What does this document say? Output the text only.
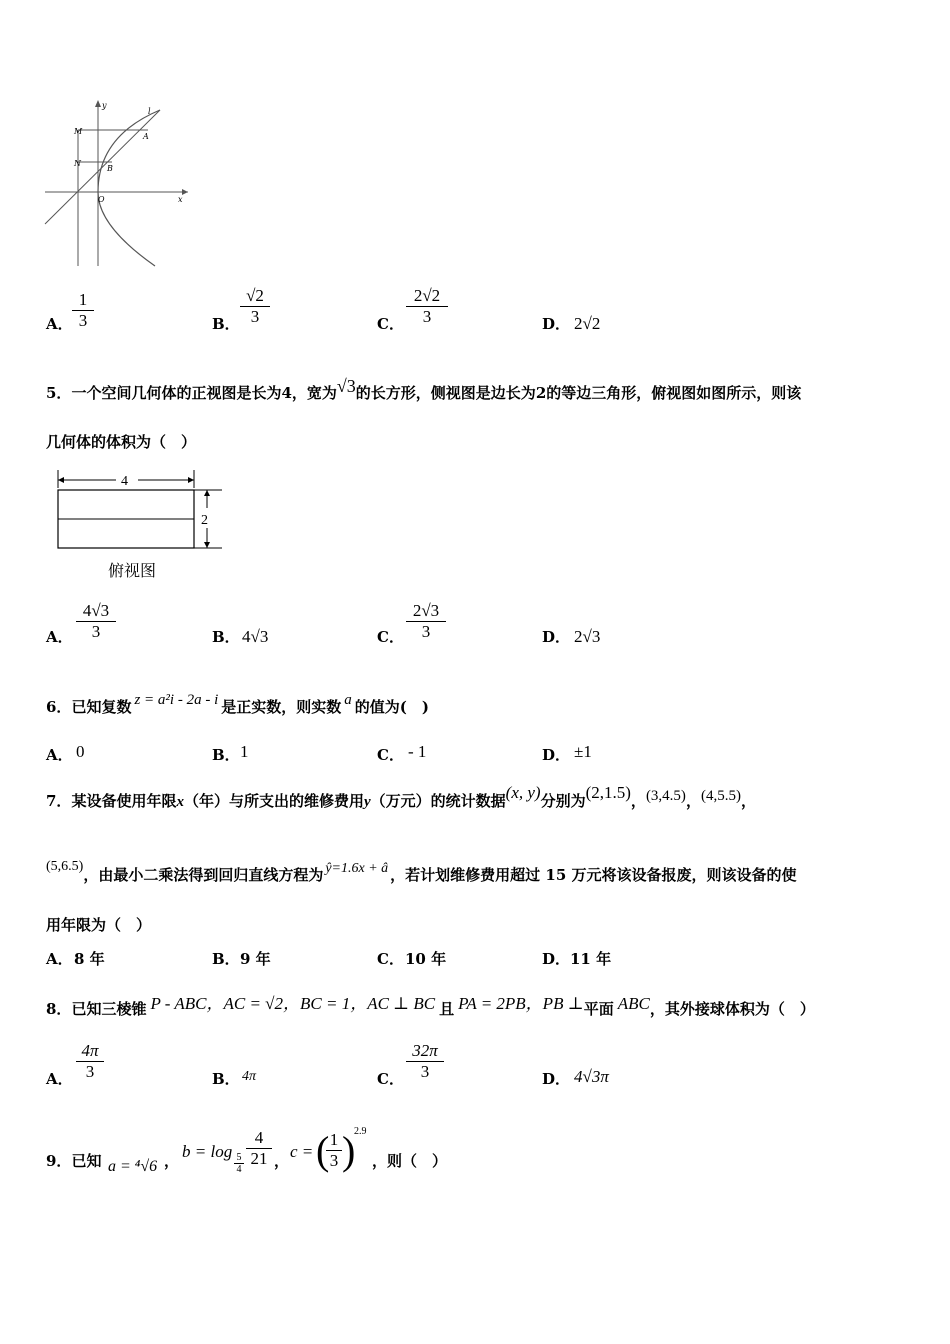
y
x
l
M
N
A
B
O
A．
1
3	B．
√2
3	C．
2√2
3	D． 2√2
5．一个空间几何体的正视图是长为4，宽为√3的长方形，侧视图是边长为2的等边三角形，俯视图如图所示，则该
几何体的体积为（　）
4
2
俯视图
A．
4√3
3	B． 4√3	C．
2√3
3	D． 2√3
6．已知复数 z = a²i - 2a - i 是正实数，则实数 a 的值为(　)
A． 0	B． 1	C． - 1	D． ±1
7．某设备使用年限x（年）与所支出的维修费用y（万元）的统计数据(x, y)分别为(2,1.5)，(3,4.5)，(4,5.5)，
(5,6.5)，由最小二乘法得到回归直线方程为 ŷ=1.6x + â ，若计划维修费用超过 15 万元将该设备报废，则该设备的使
用年限为（　）
A． 8 年	B． 9 年	C． 10 年	D． 11 年
8．已知三棱锥 P - ABC，AC = √2，BC = 1，AC ⊥ BC 且 PA = 2PB，PB ⊥平面 ABC，其外接球体积为（　）
A．
4π
3	B． 4π	C．
32π
3	D． 4√3π
9．已知 a = ⁴√6 ， b = log 5
4
4
21 ， c = ( 1
3 )
2.9
，则（　）
